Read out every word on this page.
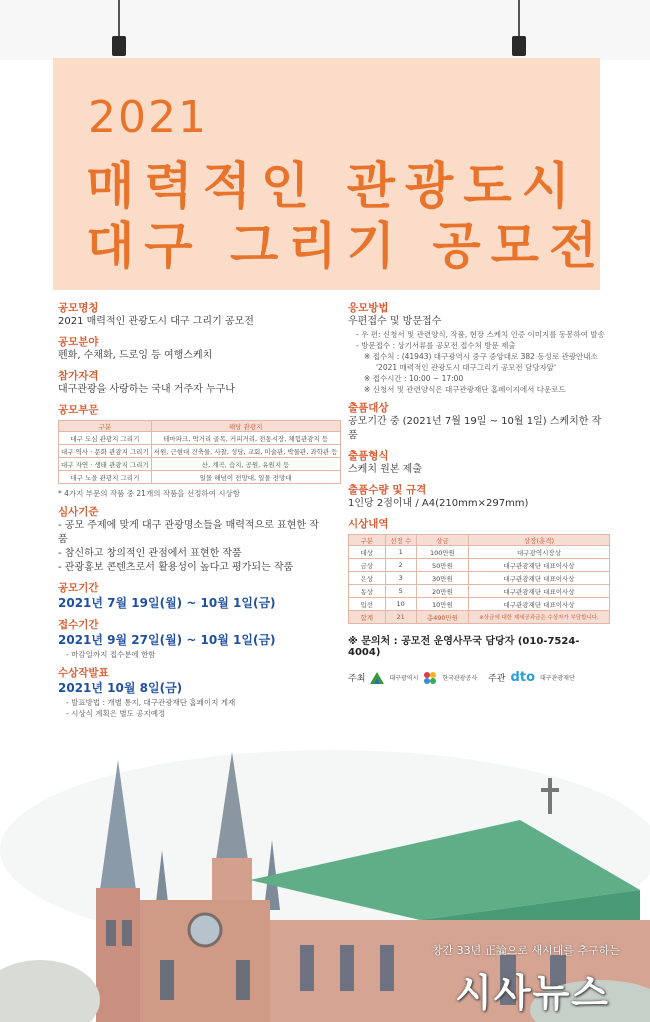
2021
매력적인 관광도시
대구 그리기 공모전
공모명칭
2021 매력적인 관광도시 대구 그리기 공모전
공모분야
펜화, 수채화, 드로잉 등 여행스케치
참가자격
대구관광을 사랑하는 국내 거주자 누구나
공모부문
구분	해당 관광지
대구 도심 관광지 그리기	테마파크, 먹거리 골목, 커피거리, 전통시장, 체험관광지 등
대구 역사 · 문화 관광지 그리기	서원, 근현대 건축물, 사찰, 성당, 교회, 미술관, 박물관, 과학관 등
대구 자연 · 생태 관광지 그리기	산, 계곡, 습지, 공원, 유원지 등
대구 노을 관광지 그리기	일몰 해넘이 전망대, 일몰 전망대
* 4가지 부문의 작품 중 21개의 작품을 선정하여 시상함
심사기준
- 공모 주제에 맞게 대구 관광명소들을 매력적으로 표현한 작품
- 참신하고 창의적인 관점에서 표현한 작품
- 관광홍보 콘텐츠로서 활용성이 높다고 평가되는 작품
공모기간
2021년 7월 19일(월) ~ 10월 1일(금)
접수기간
2021년 9월 27일(월) ~ 10월 1일(금)
- 마감일까지 접수분에 한함
수상작발표
2021년 10월 8일(금)
- 발표방법 : 개별 통지, 대구관광재단 홈페이지 게재
- 시상식 계획은 별도 공지예정
응모방법
우편접수 및 방문접수
- 우 편: 신청서 및 관련양식, 작품, 현장 스케치 인증 이미지를 동봉하여 발송
- 방문접수 : 상기서류를 공모전 접수처 방문 제출
※ 접수처 : (41943) 대구광역시 중구 중앙대로 382 동성로 관광안내소
'2021 매력적인 관광도시 대구그리기 공모전 담당자앞'
※ 접수시간 : 10:00 ~ 17:00
※ 신청서 및 관련양식은 대구관광재단 홈페이지에서 다운로드
출품대상
공모기간 중 (2021년 7월 19일 ~ 10월 1일) 스케치한 작품
출품형식
스케치 원본 제출
출품수량 및 규격
1인당 2점이내 / A4(210mm×297mm)
시상내역
구분	선정 수	상금	상장(훈격)
대상	1	100만원	대구광역시장상
금상	2	50만원	대구관광재단 대표이사상
은상	3	30만원	대구관광재단 대표이사상
동상	5	20만원	대구관광재단 대표이사상
입선	10	10만원	대구관광재단 대표이사상
합계	21	총490만원	※상금에 대한 제세공과금은 수상자가 부담합니다.
※ 문의처 : 공모전 운영사무국 담당자 (010-7524-4004)
주최	대구광역시	한국관광공사 주관 dto 대구관광재단
창간 33년 正論으로 새시대를 추구하는
시사뉴스
